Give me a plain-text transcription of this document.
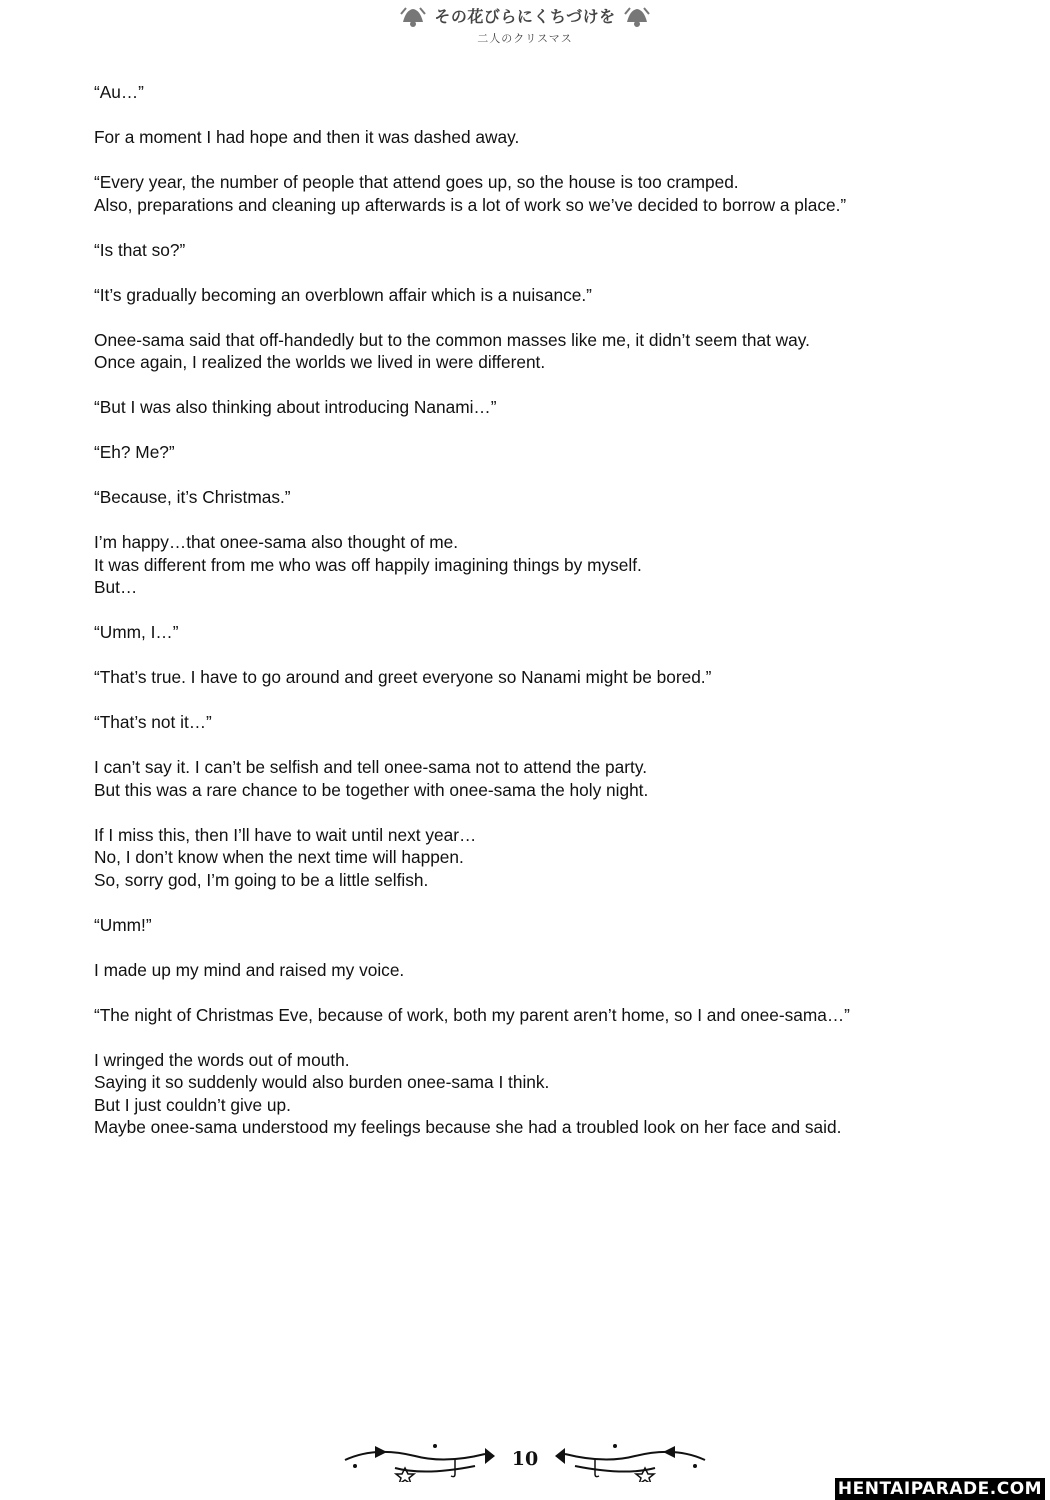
その花びらにくちづけを
二人のクリスマス

“Au…”

For a moment I had hope and then it was dashed away.

“Every year, the number of people that attend goes up, so the house is too cramped.
Also, preparations and cleaning up afterwards is a lot of work so we’ve decided to borrow a place.”

“Is that so?”

“It’s gradually becoming an overblown affair which is a nuisance.”

Onee-sama said that off-handedly but to the common masses like me, it didn’t seem that way.
Once again, I realized the worlds we lived in were different.

“But I was also thinking about introducing Nanami…”

“Eh? Me?”

“Because, it’s Christmas.”

I’m happy…that onee-sama also thought of me.
It was different from me who was off happily imagining things by myself.
But…

“Umm, I…”

“That’s true. I have to go around and greet everyone so Nanami might be bored.”

“That’s not it…”

I can’t say it. I can’t be selfish and tell onee-sama not to attend the party.
But this was a rare chance to be together with onee-sama the holy night.

If I miss this, then I’ll have to wait until next year…
No, I don’t know when the next time will happen.
So, sorry god, I’m going to be a little selfish.

“Umm!”

I made up my mind and raised my voice.

“The night of Christmas Eve, because of work, both my parent aren’t home, so I and onee-sama…”

I wringed the words out of mouth.
Saying it so suddenly would also burden onee-sama I think.
But I just couldn’t give up.
Maybe onee-sama understood my feelings because she had a troubled look on her face and said.

10
HENTAIPARADE.COM
